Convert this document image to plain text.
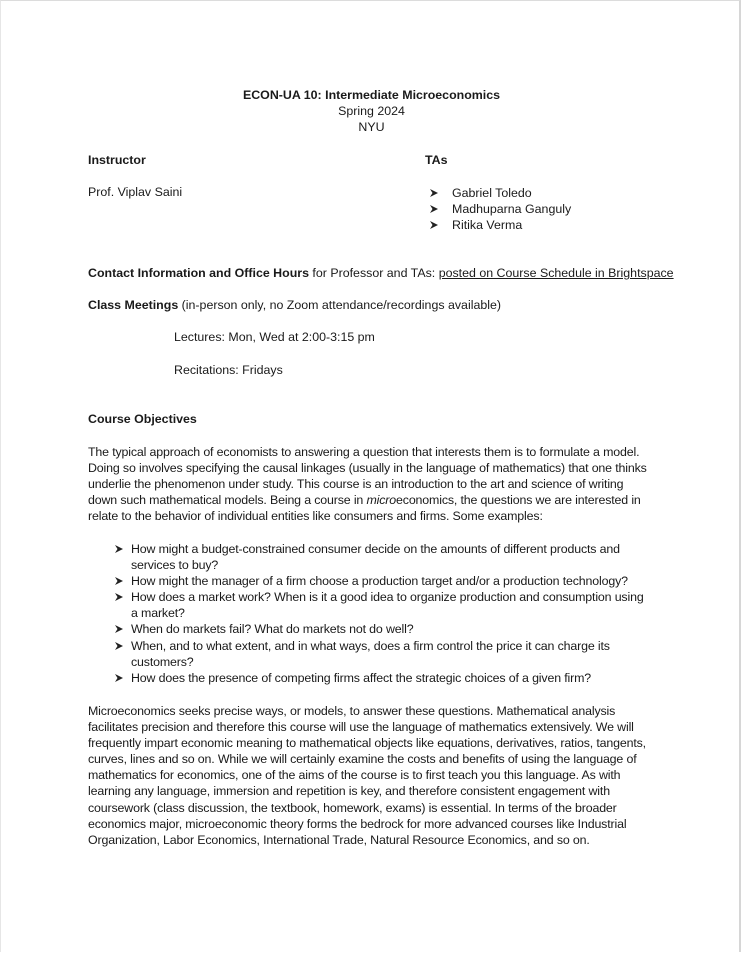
ECON-UA 10: Intermediate Microeconomics
Spring 2024
NYU
Instructor
Prof. Viplav Saini
TAs
Gabriel Toledo
Madhuparna Ganguly
Ritika Verma
Contact Information and Office Hours for Professor and TAs: posted on Course Schedule in Brightspace
Class Meetings (in-person only, no Zoom attendance/recordings available)
Lectures: Mon, Wed at 2:00-3:15 pm
Recitations: Fridays
Course Objectives

The typical approach of economists to answering a question that interests them is to formulate a model. Doing so involves specifying the causal linkages (usually in the language of mathematics) that one thinks underlie the phenomenon under study. This course is an introduction to the art and science of writing down such mathematical models. Being a course in microeconomics, the questions we are interested in relate to the behavior of individual entities like consumers and firms. Some examples:

How might a budget-constrained consumer decide on the amounts of different products and services to buy?
How might the manager of a firm choose a production target and/or a production technology?
How does a market work? When is it a good idea to organize production and consumption using a market?
When do markets fail? What do markets not do well?
When, and to what extent, and in what ways, does a firm control the price it can charge its customers?
How does the presence of competing firms affect the strategic choices of a given firm?

Microeconomics seeks precise ways, or models, to answer these questions. Mathematical analysis facilitates precision and therefore this course will use the language of mathematics extensively. We will frequently impart economic meaning to mathematical objects like equations, derivatives, ratios, tangents, curves, lines and so on. While we will certainly examine the costs and benefits of using the language of mathematics for economics, one of the aims of the course is to first teach you this language. As with learning any language, immersion and repetition is key, and therefore consistent engagement with coursework (class discussion, the textbook, homework, exams) is essential. In terms of the broader economics major, microeconomic theory forms the bedrock for more advanced courses like Industrial Organization, Labor Economics, International Trade, Natural Resource Economics, and so on.
